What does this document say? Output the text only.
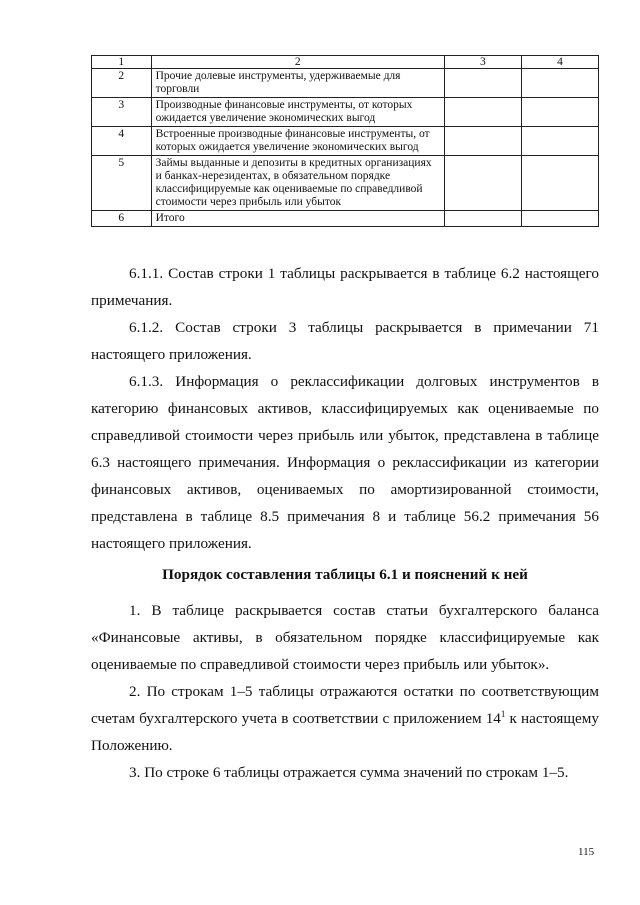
1	2	3	4
2	Прочие долевые инструменты, удерживаемые для торговли		
3	Производные финансовые инструменты, от которых ожидается увеличение экономических выгод		
4	Встроенные производные финансовые инструменты, от которых ожидается увеличение экономических выгод		
5	Займы выданные и депозиты в кредитных организациях и банках-нерезидентах, в обязательном порядке классифицируемые как оцениваемые по справедливой стоимости через прибыль или убыток		
6	Итого		

6.1.1. Состав строки 1 таблицы раскрывается в таблице 6.2 настоящего примечания.

6.1.2. Состав строки 3 таблицы раскрывается в примечании 71 настоящего приложения.

6.1.3. Информация о реклассификации долговых инструментов в категорию финансовых активов, классифицируемых как оцениваемые по справедливой стоимости через прибыль или убыток, представлена в таблице 6.3 настоящего примечания. Информация о реклассификации из категории финансовых активов, оцениваемых по амортизированной стоимости, представлена в таблице 8.5 примечания 8 и таблице 56.2 примечания 56 настоящего приложения.

Порядок составления таблицы 6.1 и пояснений к ней

1. В таблице раскрывается состав статьи бухгалтерского баланса «Финансовые активы, в обязательном порядке классифицируемые как оцениваемые по справедливой стоимости через прибыль или убыток».

2. По строкам 1–5 таблицы отражаются остатки по соответствующим счетам бухгалтерского учета в соответствии с приложением $14^1$ к настоящему Положению.

3. По строке 6 таблицы отражается сумма значений по строкам 1–5.

115
